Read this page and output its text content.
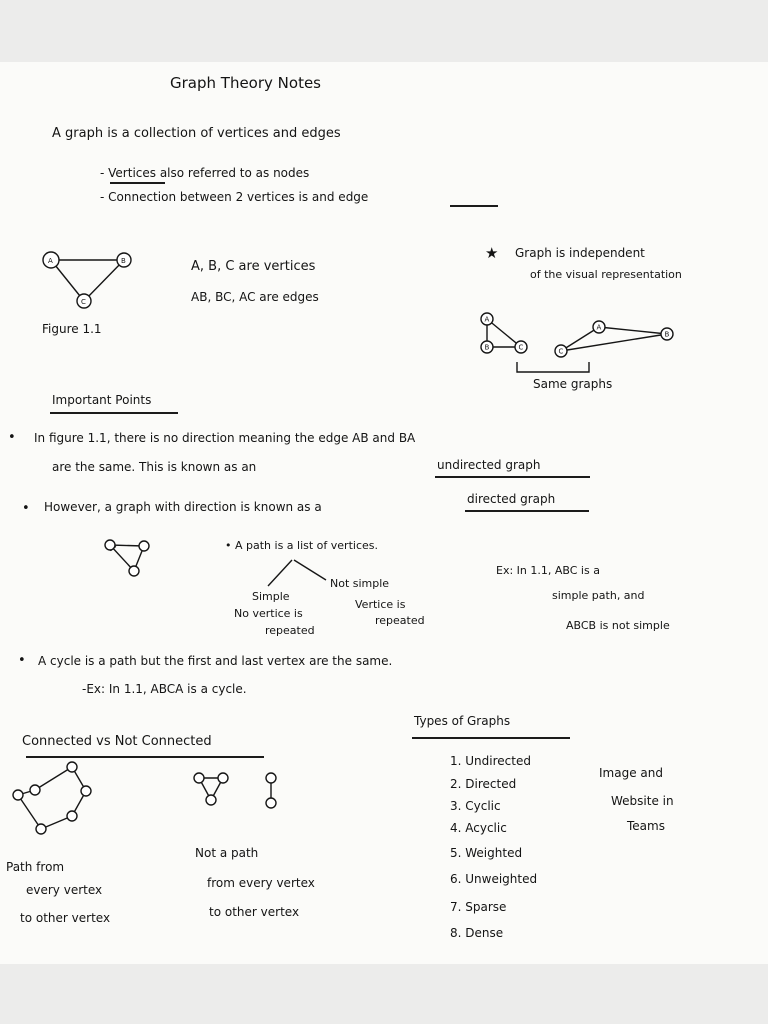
Graph Theory Notes
A graph is a collection of vertices and edges
- Vertices also referred to as nodes
- Connection between 2 vertices is and edge
A	B
C
Figure 1.1
A, B, C are vertices
AB, BC, AC are edges
★ Graph is independent
of the visual representation
A
B	C
A
B
C
Same graphs
Important Points
• In figure 1.1, there is no direction meaning the edge AB and BA
are the same. This is known as an	undirected graph
• However, a graph with direction is known as a
directed graph
• A path is a list of vertices.
Not simple
Simple
No vertice is
repeated
Vertice is
repeated
Ex: In 1.1, ABC is a
simple path, and
ABCB is not simple
• A cycle is a path but the first and last vertex are the same.
-Ex: In 1.1, ABCA is a cycle.
Types of Graphs
1. Undirected
2. Directed
3. Cyclic
4. Acyclic
5. Weighted
6. Unweighted
7. Sparse
8. Dense
Image and
Website in
Teams
Connected vs Not Connected
Path from
every vertex
to other vertex
Not a path
from every vertex
to other vertex
